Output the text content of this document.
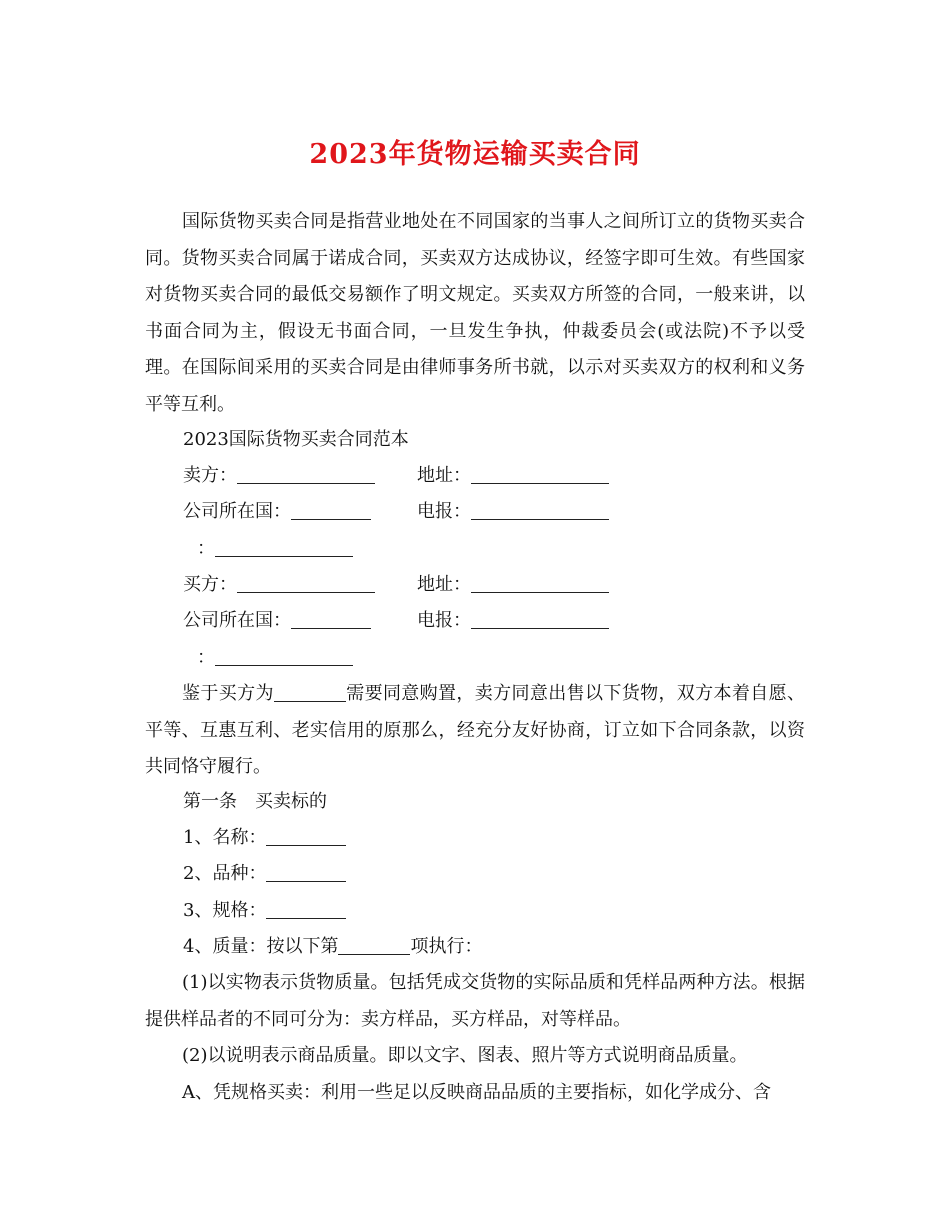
2023年货物运输买卖合同

国际货物买卖合同是指营业地处在不同国家的当事人之间所订立的货物买卖合同。货物买卖合同属于诺成合同，买卖双方达成协议，经签字即可生效。有些国家对货物买卖合同的最低交易额作了明文规定。买卖双方所签的合同，一般来讲，以书面合同为主，假设无书面合同，一旦发生争执，仲裁委员会(或法院)不予以受理。在国际间采用的买卖合同是由律师事务所书就，以示对买卖双方的权利和义务平等互利。

2023国际货物买卖合同范本
卖方：	地址：
公司所在国：	电报：
：
买方：	地址：
公司所在国：	电报：
：

鉴于买方为	需要同意购置，卖方同意出售以下货物，双方本着自愿、平等、互惠互利、老实信用的原那么，经充分友好协商，订立如下合同条款，以资共同恪守履行。

第一条　买卖标的
1、名称：
2、品种：
3、规格：
4、质量：按以下第	项执行：

(1)以实物表示货物质量。包括凭成交货物的实际品质和凭样品两种方法。根据提供样品者的不同可分为：卖方样品，买方样品，对等样品。

(2)以说明表示商品质量。即以文字、图表、照片等方式说明商品质量。

A、凭规格买卖：利用一些足以反映商品品质的主要指标，如化学成分、含
